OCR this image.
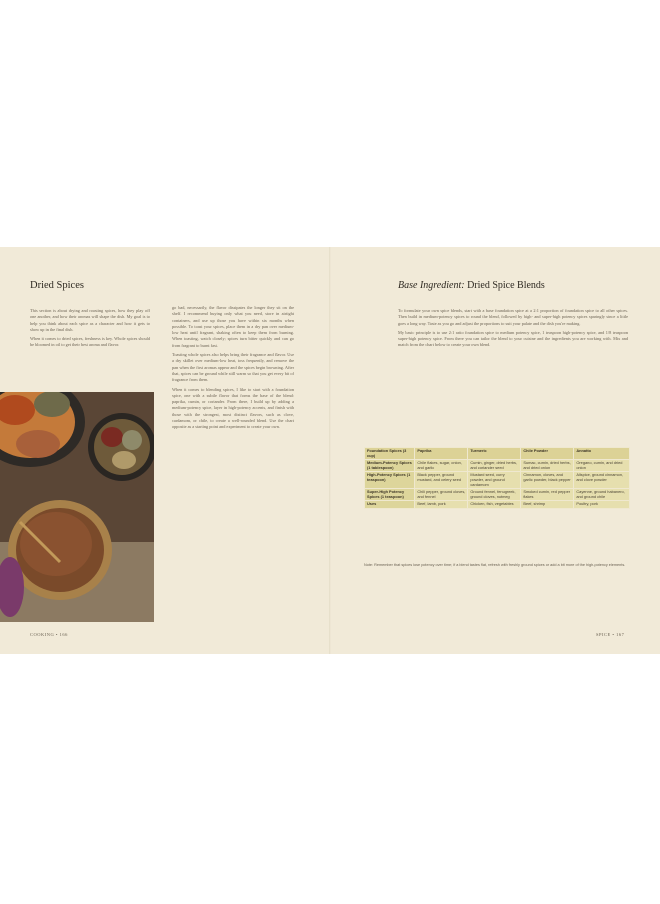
Dried Spices

This section is about drying and roasting spices, how they play off one another, and how their aromas will shape the dish. My goal is to help you think about each spice as a character and how it gets to show up in the final dish.

When it comes to dried spices, freshness is key. Whole spices should be bloomed in oil to get their best aroma and flavor.

go bad, necessarily, the flavor dissipates the longer they sit on the shelf. I recommend buying only what you need, store in airtight containers, and use up those you have within six months when possible. To toast your spices, place them in a dry pan over medium-low heat until fragrant, shaking often to keep them from burning. When toasting, watch closely; spices turn bitter quickly and can go from fragrant to burnt fast.

Toasting whole spices also helps bring their fragrance and flavor. Use a dry skillet over medium-low heat, toss frequently, and remove the pan when the first aromas appear and the spices begin browning. After that, spices can be ground while still warm so that you get every bit of fragrance from them.

When it comes to blending spices, I like to start with a foundation spice, one with a subtle flavor that forms the base of the blend: paprika, cumin, or coriander. From there, I build up by adding a medium-potency spice, layer in high-potency accents, and finish with those with the strongest, most distinct flavors, such as clove, cardamom, or chile, to create a well-rounded blend. Use the chart opposite as a starting point and experiment to create your own.

COOKING • 166
Base Ingredient: Dried Spice Blends

To formulate your own spice blends, start with a base foundation spice at a 2:1 proportion of foundation spice to all other spices. Then build in medium-potency spices to round the blend, followed by high- and super-high potency spices sparingly since a little goes a long way. Taste as you go and adjust the proportions to suit your palate and the dish you're making.

My basic principle is to use 2:1 ratio foundation spice to medium potency spice, 1 teaspoon high-potency spice, and 1/8 teaspoon super-high potency spice. From there you can tailor the blend to your cuisine and the ingredients you are working with. Mix and match from the chart below to create your own blend.

Foundation Spices (3 cup)	Paprika	Turmeric	Chile Powder	Annatto
Medium-Potency Spices (1 tablespoon)	Chile flakes, sugar, onion, and garlic	Cumin, ginger, dried herbs, and coriander seed	Sumac, cumin, dried herbs, and dried onion	Oregano, cumin, and dried onion
High-Potency Spices (1 teaspoon)	Black pepper, ground mustard, and celery seed	Mustard seed, curry powder, and ground cardamom	Cinnamon, cloves, and garlic powder, black pepper	Allspice, ground cinnamon, and clove powder
Super-High Potency Spices (1 teaspoon)	Chili pepper, ground cloves, and fennel	Ground fennel, fenugreek, ground cloves, nutmeg	Smoked cumin, red pepper flakes	Cayenne, ground habanero, and ground chile
Uses	Beef, lamb, pork	Chicken, fish, vegetables	Beef, shrimp	Poultry, pork
Note: Remember that spices lose potency over time; if a blend tastes flat, refresh with freshly ground spices or add a bit more of the high-potency elements.
SPICE • 167
